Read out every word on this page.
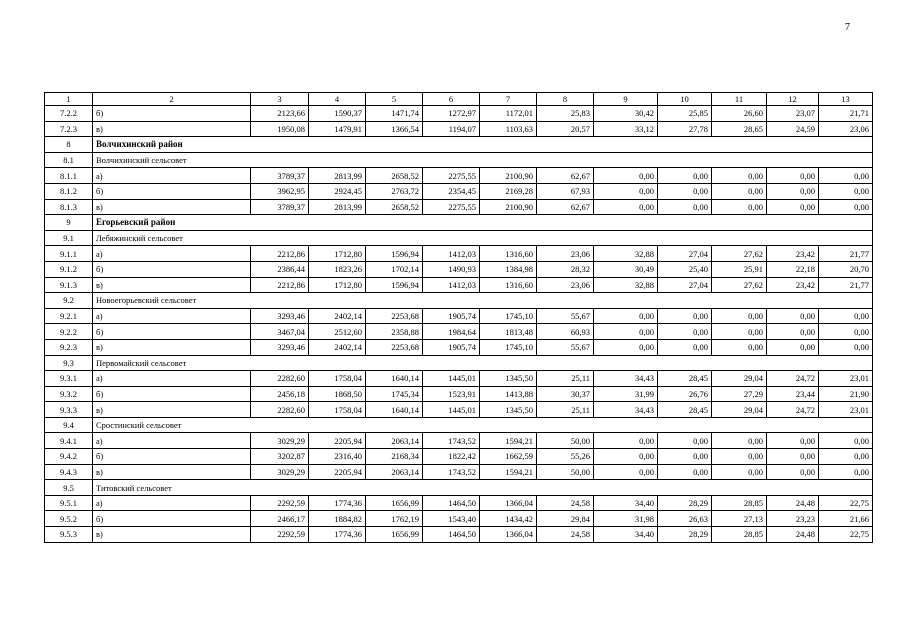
7
1	2	3	4	5	6	7	8	9	10	11	12	13
7.2.2	б)	2123,66	1590,37	1471,74	1272,97	1172,01	25,83	30,42	25,85	26,60	23,07	21,71
7.2.3	в)	1950,08	1479,91	1366,54	1194,07	1103,63	20,57	33,12	27,78	28,65	24,59	23,06
8	Волчихинский район											
8.1	Волчихинский сельсовет											
8.1.1	а)	3789,37	2813,99	2658,52	2275,55	2100,90	62,67	0,00	0,00	0,00	0,00	0,00
8.1.2	б)	3962,95	2924,45	2763,72	2354,45	2169,28	67,93	0,00	0,00	0,00	0,00	0,00
8.1.3	в)	3789,37	2813,99	2658,52	2275,55	2100,90	62,67	0,00	0,00	0,00	0,00	0,00
9	Егорьевский район											
9.1	Лебяжинский сельсовет											
9.1.1	а)	2212,86	1712,80	1596,94	1412,03	1316,60	23,06	32,88	27,04	27,62	23,42	21,77
9.1.2	б)	2386,44	1823,26	1702,14	1490,93	1384,98	28,32	30,49	25,40	25,91	22,18	20,70
9.1.3	в)	2212,86	1712,80	1596,94	1412,03	1316,60	23,06	32,88	27,04	27,62	23,42	21,77
9.2	Новоегорьевский сельсовет											
9.2.1	а)	3293,46	2402,14	2253,68	1905,74	1745,10	55,67	0,00	0,00	0,00	0,00	0,00
9.2.2	б)	3467,04	2512,60	2358,88	1984,64	1813,48	60,93	0,00	0,00	0,00	0,00	0,00
9.2.3	в)	3293,46	2402,14	2253,68	1905,74	1745,10	55,67	0,00	0,00	0,00	0,00	0,00
9.3	Первомайский сельсовет											
9.3.1	а)	2282,60	1758,04	1640,14	1445,01	1345,50	25,11	34,43	28,45	29,04	24,72	23,01
9.3.2	б)	2456,18	1868,50	1745,34	1523,91	1413,88	30,37	31,99	26,76	27,29	23,44	21,90
9.3.3	в)	2282,60	1758,04	1640,14	1445,01	1345,50	25,11	34,43	28,45	29,04	24,72	23,01
9.4	Сростинский сельсовет											
9.4.1	а)	3029,29	2205,94	2063,14	1743,52	1594,21	50,00	0,00	0,00	0,00	0,00	0,00
9.4.2	б)	3202,87	2316,40	2168,34	1822,42	1662,59	55,26	0,00	0,00	0,00	0,00	0,00
9.4.3	в)	3029,29	2205,94	2063,14	1743,52	1594,21	50,00	0,00	0,00	0,00	0,00	0,00
9.5	Титовский сельсовет											
9.5.1	а)	2292,59	1774,36	1656,99	1464,50	1366,04	24,58	34,40	28,29	28,85	24,48	22,75
9.5.2	б)	2466,17	1884,82	1762,19	1543,40	1434,42	29,84	31,98	26,63	27,13	23,23	21,66
9.5.3	в)	2292,59	1774,36	1656,99	1464,50	1366,04	24,58	34,40	28,29	28,85	24,48	22,75
